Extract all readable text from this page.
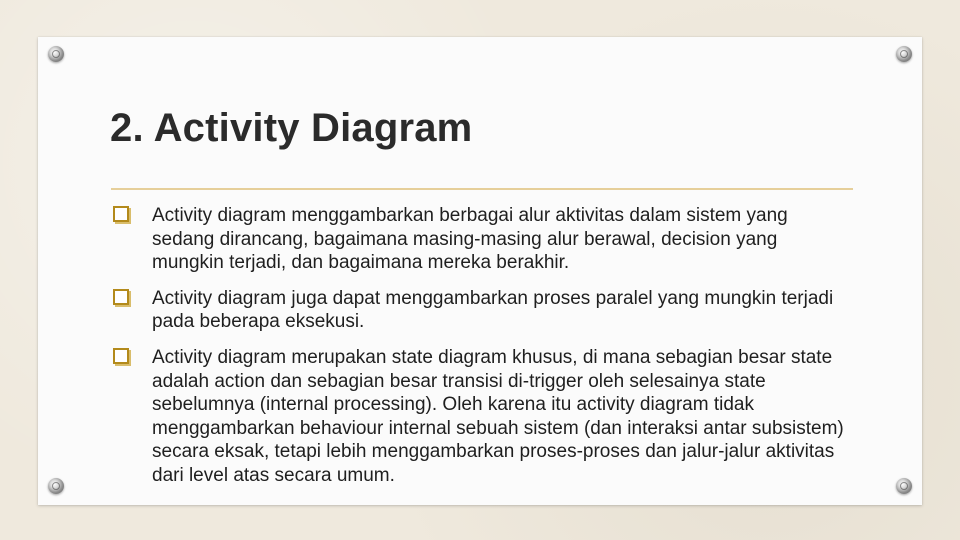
2. Activity Diagram
Activity diagram menggambarkan berbagai alur aktivitas dalam sistem yang sedang dirancang, bagaimana masing-masing alur berawal, decision yang mungkin terjadi, dan bagaimana mereka berakhir.
Activity diagram juga dapat menggambarkan proses paralel yang mungkin terjadi pada beberapa eksekusi.
Activity diagram merupakan state diagram khusus, di mana sebagian besar state adalah action dan sebagian besar transisi di-trigger oleh selesainya state sebelumnya (internal processing). Oleh karena itu activity diagram tidak menggambarkan behaviour internal sebuah sistem (dan interaksi antar subsistem) secara eksak, tetapi lebih menggambarkan proses-proses dan jalur-jalur aktivitas dari level atas secara umum.
